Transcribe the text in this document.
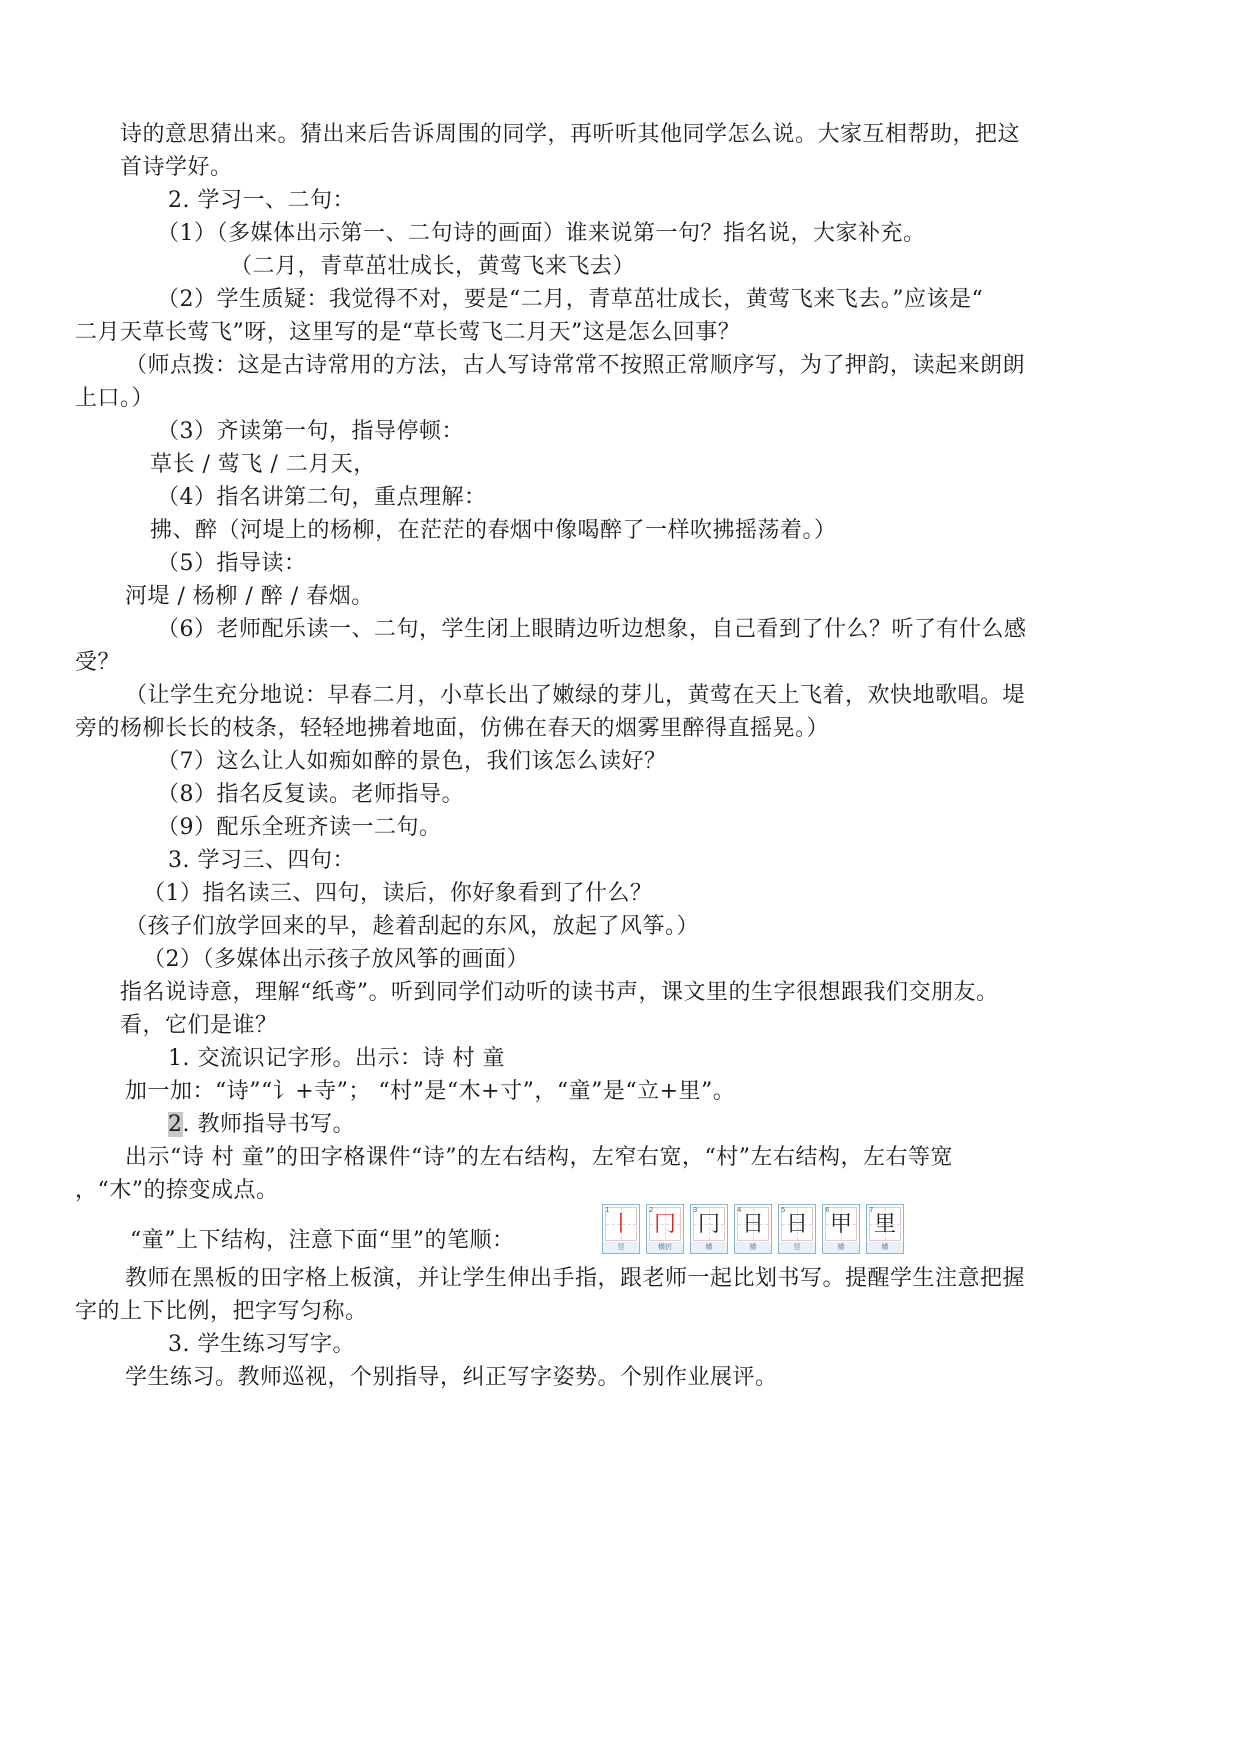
诗的意思猜出来。猜出来后告诉周围的同学，再听听其他同学怎么说。大家互相帮助，把这
首诗学好。
2. 学习一、二句：
（1）（多媒体出示第一、二句诗的画面）谁来说第一句？指名说，大家补充。
（二月，青草茁壮成长，黄莺飞来飞去）
（2）学生质疑：我觉得不对，要是“二月，青草茁壮成长，黄莺飞来飞去。”应该是“
二月天草长莺飞”呀，这里写的是“草长莺飞二月天”这是怎么回事？
（师点拨：这是古诗常用的方法，古人写诗常常不按照正常顺序写，为了押韵，读起来朗朗
上口。）
（3）齐读第一句，指导停顿：
草长 / 莺飞 / 二月天，
（4）指名讲第二句，重点理解：
拂、醉（河堤上的杨柳，在茫茫的春烟中像喝醉了一样吹拂摇荡着。）
（5）指导读：
河堤 / 杨柳 / 醉 / 春烟。
（6）老师配乐读一、二句，学生闭上眼睛边听边想象，自己看到了什么？听了有什么感
受？
（让学生充分地说：早春二月，小草长出了嫩绿的芽儿，黄莺在天上飞着，欢快地歌唱。堤
旁的杨柳长长的枝条，轻轻地拂着地面，仿佛在春天的烟雾里醉得直摇晃。）
（7）这么让人如痴如醉的景色，我们该怎么读好？
（8）指名反复读。老师指导。
（9）配乐全班齐读一二句。
3. 学习三、四句：
（1）指名读三、四句，读后，你好象看到了什么？
（孩子们放学回来的早，趁着刮起的东风，放起了风筝。）
（2）（多媒体出示孩子放风筝的画面）
指名说诗意，理解“纸鸢”。听到同学们动听的读书声，课文里的生字很想跟我们交朋友。
看，它们是谁？
1. 交流识记字形。出示：诗 村 童
加一加：“诗”“讠+寺”； “村”是“木+寸”，“童”是“立+里”。
2. 教师指导书写。
出示“诗 村 童”的田字格课件“诗”的左右结构，左窄右宽，“村”左右结构，左右等宽
，“木”的捺变成点。
“童”上下结构，注意下面“里”的笔顺：
1
丨
竖
2
冂
横折
3
冂
横
4
日
横
5
日
竖
6
甲
横
7
里
横
教师在黑板的田字格上板演，并让学生伸出手指，跟老师一起比划书写。提醒学生注意把握
字的上下比例，把字写匀称。
3. 学生练习写字。
学生练习。教师巡视，个别指导，纠正写字姿势。个别作业展评。
